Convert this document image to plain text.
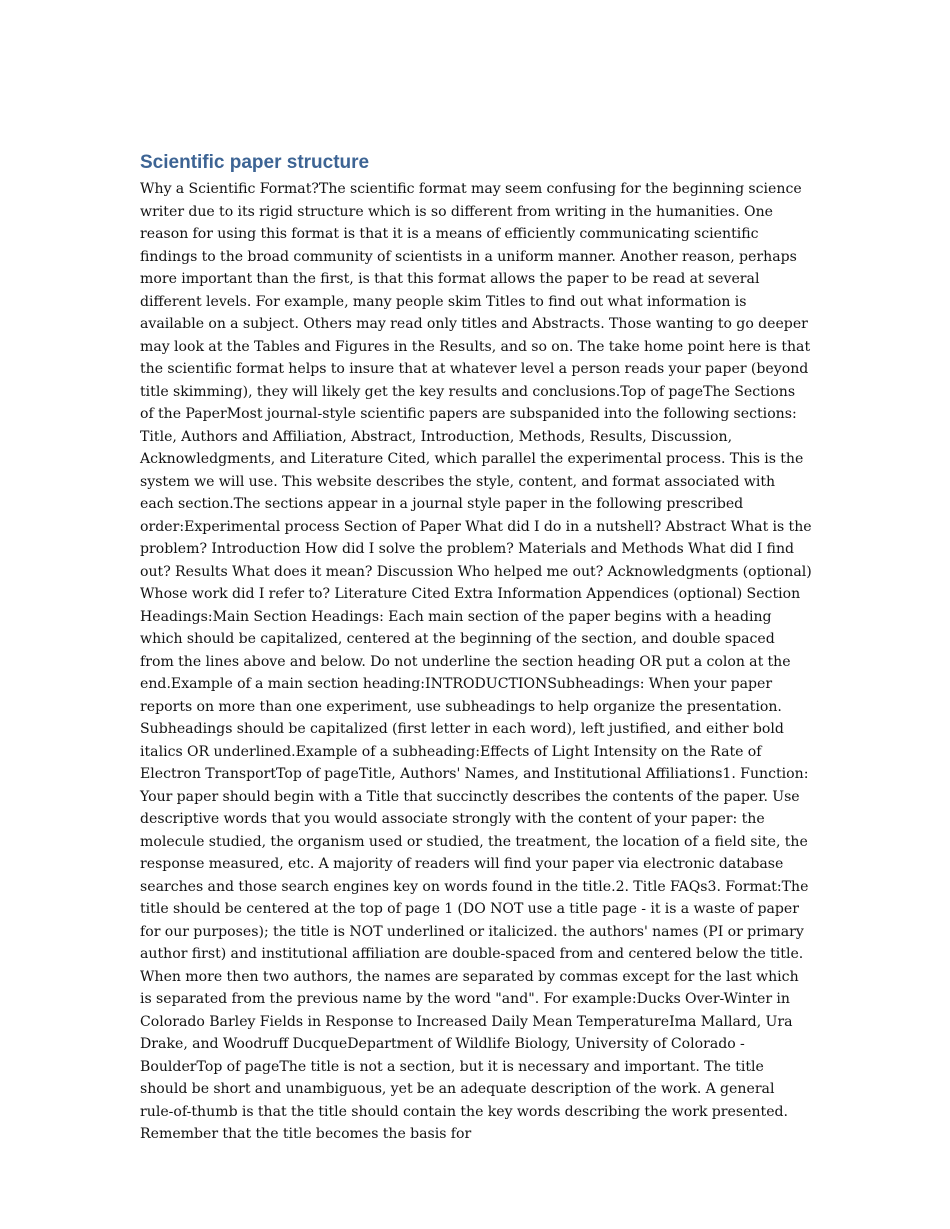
Scientific paper structure

Why a Scientific Format?The scientific format may seem confusing for the beginning science writer due to its rigid structure which is so different from writing in the humanities. One reason for using this format is that it is a means of efficiently communicating scientific findings to the broad community of scientists in a uniform manner. Another reason, perhaps more important than the first, is that this format allows the paper to be read at several different levels. For example, many people skim Titles to find out what information is available on a subject. Others may read only titles and Abstracts. Those wanting to go deeper may look at the Tables and Figures in the Results, and so on. The take home point here is that the scientific format helps to insure that at whatever level a person reads your paper (beyond title skimming), they will likely get the key results and conclusions.Top of pageThe Sections of the PaperMost journal-style scientific papers are subspanided into the following sections: Title, Authors and Affiliation, Abstract, Introduction, Methods, Results, Discussion, Acknowledgments, and Literature Cited, which parallel the experimental process. This is the system we will use. This website describes the style, content, and format associated with each section.The sections appear in a journal style paper in the following prescribed order:Experimental process Section of Paper What did I do in a nutshell? Abstract What is the problem? Introduction How did I solve the problem? Materials and Methods What did I find out? Results What does it mean? Discussion Who helped me out? Acknowledgments (optional) Whose work did I refer to? Literature Cited Extra Information Appendices (optional) Section Headings:Main Section Headings: Each main section of the paper begins with a heading which should be capitalized, centered at the beginning of the section, and double spaced from the lines above and below. Do not underline the section heading OR put a colon at the end.Example of a main section heading:INTRODUCTIONSubheadings: When your paper reports on more than one experiment, use subheadings to help organize the presentation. Subheadings should be capitalized (first letter in each word), left justified, and either bold italics OR underlined.Example of a subheading:Effects of Light Intensity on the Rate of Electron TransportTop of pageTitle, Authors' Names, and Institutional Affiliations1. Function: Your paper should begin with a Title that succinctly describes the contents of the paper. Use descriptive words that you would associate strongly with the content of your paper: the molecule studied, the organism used or studied, the treatment, the location of a field site, the response measured, etc. A majority of readers will find your paper via electronic database searches and those search engines key on words found in the title.2. Title FAQs3. Format:The title should be centered at the top of page 1 (DO NOT use a title page - it is a waste of paper for our purposes); the title is NOT underlined or italicized. the authors' names (PI or primary author first) and institutional affiliation are double-spaced from and centered below the title. When more then two authors, the names are separated by commas except for the last which is separated from the previous name by the word "and". For example:Ducks Over-Winter in Colorado Barley Fields in Response to Increased Daily Mean TemperatureIma Mallard, Ura Drake, and Woodruff DucqueDepartment of Wildlife Biology, University of Colorado - BoulderTop of pageThe title is not a section, but it is necessary and important. The title should be short and unambiguous, yet be an adequate description of the work. A general rule-of-thumb is that the title should contain the key words describing the work presented. Remember that the title becomes the basis for
